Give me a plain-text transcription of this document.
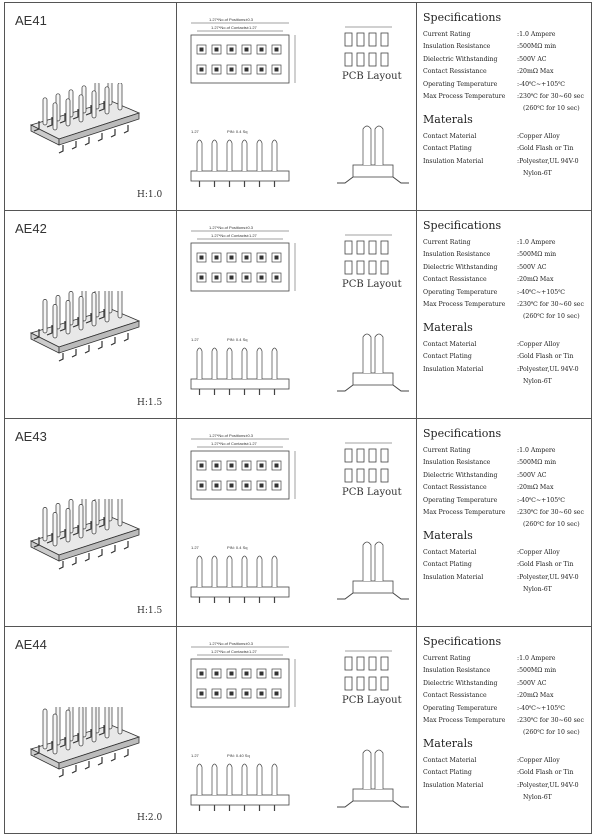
AE41
H:1.0
1.27*No.of Positions±0.3
1.27*No.of Contacts±1.27
1.27	PIN: 0.4 Sq
PCB Layout
Specifications
Current Rating	:1.0 Ampere
Insulation Resistance	:500MΩ min
Dielectric Withstanding	:500V AC
Contact Ressistance	:20mΩ Max
Operating Temperature	:-40℃~+105℃
Max Process Temperature	:230℃ for 30~60 sec
(260℃ for 10 sec)
Materals
Contact Material	:Copper Alloy
Contact Plating	:Gold Flash or Tin
Insulation Material	:Polyester,UL 94V-0
Nylon-6T
AE42
H:1.5
1.27*No.of Positions±0.3
1.27*No.of Contacts±1.27
1.27	PIN: 0.4 Sq
PCB Layout
Specifications
Current Rating	:1.0 Ampere
Insulation Resistance	:500MΩ min
Dielectric Withstanding	:500V AC
Contact Ressistance	:20mΩ Max
Operating Temperature	:-40℃~+105℃
Max Process Temperature	:230℃ for 30~60 sec
(260℃ for 10 sec)
Materals
Contact Material	:Copper Alloy
Contact Plating	:Gold Flash or Tin
Insulation Material	:Polyester,UL 94V-0
Nylon-6T
AE43
H:1.5
1.27*No.of Positions±0.3
1.27*No.of Contacts±1.27
1.27	PIN: 0.4 Sq
PCB Layout
Specifications
Current Rating	:1.0 Ampere
Insulation Resistance	:500MΩ min
Dielectric Withstanding	:500V AC
Contact Ressistance	:20mΩ Max
Operating Temperature	:-40℃~+105℃
Max Process Temperature	:230℃ for 30~60 sec
(260℃ for 10 sec)
Materals
Contact Material	:Copper Alloy
Contact Plating	:Gold Flash or Tin
Insulation Material	:Polyester,UL 94V-0
Nylon-6T
AE44
H:2.0
1.27*No.of Positions±0.3
1.27*No.of Contacts±1.27
1.27	PIN: 0.40 Sq
PCB Layout
Specifications
Current Rating	:1.0 Ampere
Insulation Resistance	:500MΩ min
Dielectric Withstanding	:500V AC
Contact Ressistance	:20mΩ Max
Operating Temperature	:-40℃~+105℃
Max Process Temperature	:230℃ for 30~60 sec
(260℃ for 10 sec)
Materals
Contact Material	:Copper Alloy
Contact Plating	:Gold Flash or Tin
Insulation Material	:Polyester,UL 94V-0
Nylon-6T
